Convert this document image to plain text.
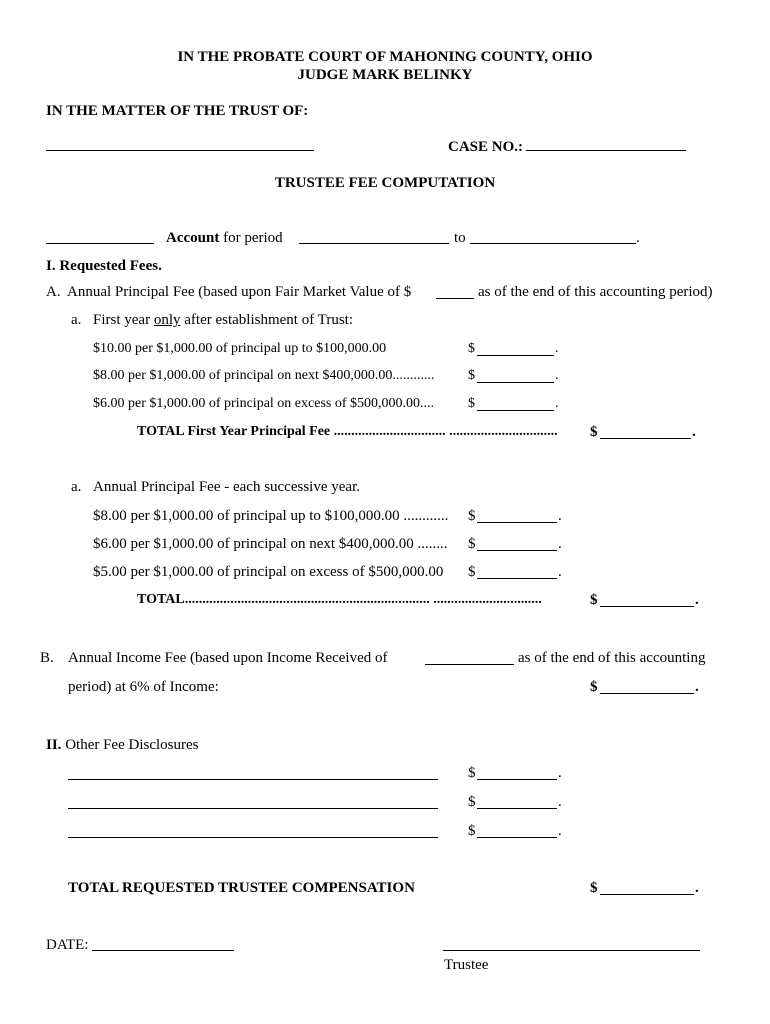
IN THE PROBATE COURT OF MAHONING COUNTY, OHIO
JUDGE MARK BELINKY
IN THE MATTER OF THE TRUST OF:
CASE NO.:
TRUSTEE FEE COMPUTATION
Account for period	to	.
I. Requested Fees.
A. Annual Principal Fee (based upon Fair Market Value of $	as of the end of this accounting period)
a. First year only after establishment of Trust:
$10.00 per $1,000.00 of principal up to $100,000.00	$	.
$8.00 per $1,000.00 of principal on next $400,000.00............ $	.
$6.00 per $1,000.00 of principal on excess of $500,000.00.... $	.
TOTAL First Year Principal Fee ................................ ............................... $	.
a. Annual Principal Fee - each successive year.
$8.00 per $1,000.00 of principal up to $100,000.00 ............ $	.
$6.00 per $1,000.00 of principal on next $400,000.00 ........ $	.
$5.00 per $1,000.00 of principal on excess of $500,000.00 $	.
TOTAL...................................................................... ...............................	$	.
B. Annual Income Fee (based upon Income Received of	as of the end of this accounting
period) at 6% of Income:	$	.
II. Other Fee Disclosures
$	.
$	.
$	.
TOTAL REQUESTED TRUSTEE COMPENSATION	$	.
DATE:
Trustee
